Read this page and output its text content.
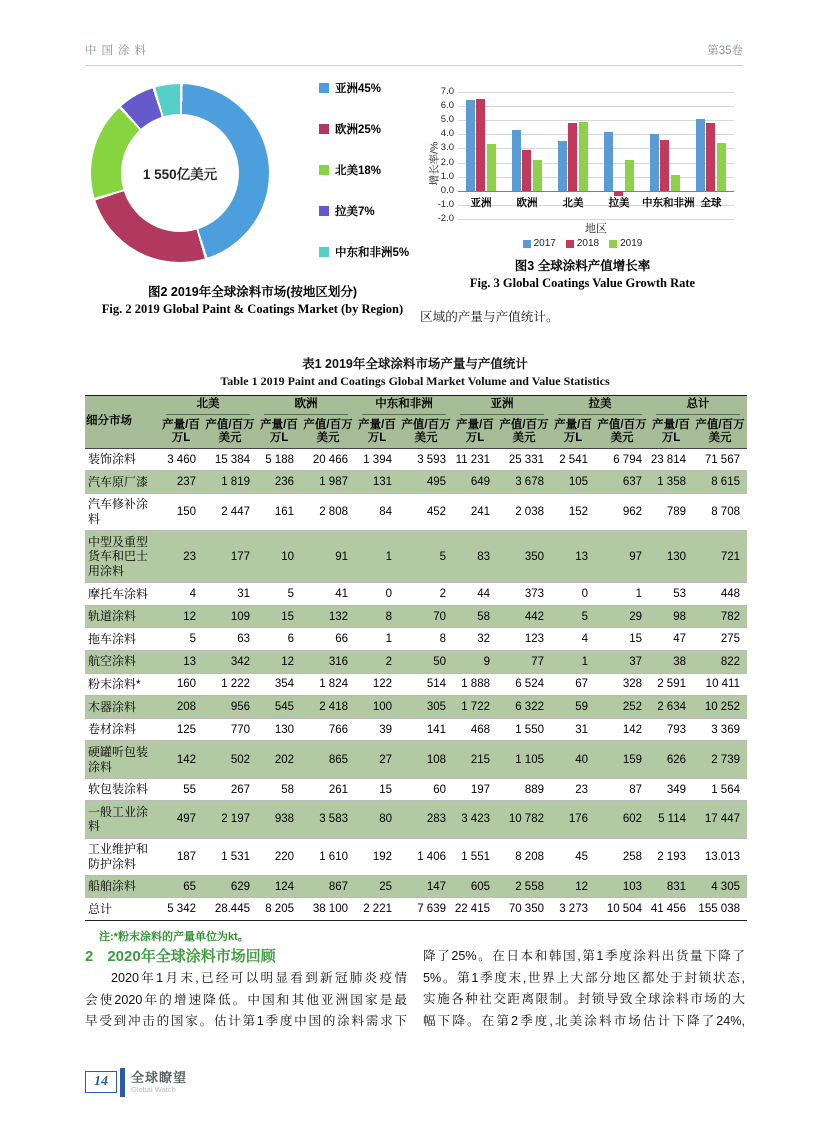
中国涂料	第35卷
1 550亿美元
亚洲45%
欧洲25%
北美18%
拉美7%
中东和非洲5%
图2 2019年全球涂料市场(按地区划分)
Fig. 2 2019 Global Paint & Coatings Market (by Region)
增长率/%
7.0
6.0
5.0
4.0
3.0
2.0
1.0
0.0
-1.0
-2.0
亚洲	欧洲	北美	拉美	中东和非洲 全球
地区
2017 2018 2019
图3 全球涂料产值增长率
Fig. 3 Global Coatings Value Growth Rate

区域的产量与产值统计。

表1 2019年全球涂料市场产量与产值统计
Table 1 2019 Paint and Coatings Global Market Volume and Value Statistics
细分市场	北美		欧洲		中东和非洲		亚洲		拉美		总计	

	产量/百万L	产值/百万美元	产量/百万L	产值/百万美元	产量/百万L	产值/百万美元	产量/百万L	产值/百万美元	产量/百万L	产值/百万美元	产量/百万L	产值/百万美元
装饰涂料	3 460	15 384	5 188	20 466	1 394	3 593	11 231	25 331	2 541	6 794	23 814	71 567
汽车原厂漆	237	1 819	236	1 987	131	495	649	3 678	105	637	1 358	8 615
汽车修补涂料	150	2 447	161	2 808	84	452	241	2 038	152	962	789	8 708
中型及重型货车和巴士用涂料	23	177	10	91	1	5	83	350	13	97	130	721
摩托车涂料	4	31	5	41	0	2	44	373	0	1	53	448
轨道涂料	12	109	15	132	8	70	58	442	5	29	98	782
拖车涂料	5	63	6	66	1	8	32	123	4	15	47	275
航空涂料	13	342	12	316	2	50	9	77	1	37	38	822
粉末涂料*	160	1 222	354	1 824	122	514	1 888	6 524	67	328	2 591	10 411
木器涂料	208	956	545	2 418	100	305	1 722	6 322	59	252	2 634	10 252
卷材涂料	125	770	130	766	39	141	468	1 550	31	142	793	3 369
硬罐听包装涂料	142	502	202	865	27	108	215	1 105	40	159	626	2 739
软包装涂料	55	267	58	261	15	60	197	889	23	87	349	1 564
一般工业涂料	497	2 197	938	3 583	80	283	3 423	10 782	176	602	5 114	17 447
工业维护和防护涂料	187	1 531	220	1 610	192	1 406	1 551	8 208	45	258	2 193	13.013
船舶涂料	65	629	124	867	25	147	605	2 558	12	103	831	4 305
总计	5 342	28.445	8 205	38 100	2 221	7 639	22 415	70 350	3 273	10 504	41 456	155 038
注:*粉末涂料的产量单位为kt。
2 2020年全球涂料市场回顾
2020年1月末,已经可以明显看到新冠肺炎疫情
会使2020年的增速降低。中国和其他亚洲国家是最
早受到冲击的国家。估计第1季度中国的涂料需求下
降了25%。在日本和韩国,第1季度涂料出货量下降了
5%。第1季度末,世界上大部分地区都处于封锁状态,
实施各种社交距离限制。封锁导致全球涂料市场的大
幅下降。在第2季度,北美涂料市场估计下降了24%,
14	全球瞭望
Global Watch
